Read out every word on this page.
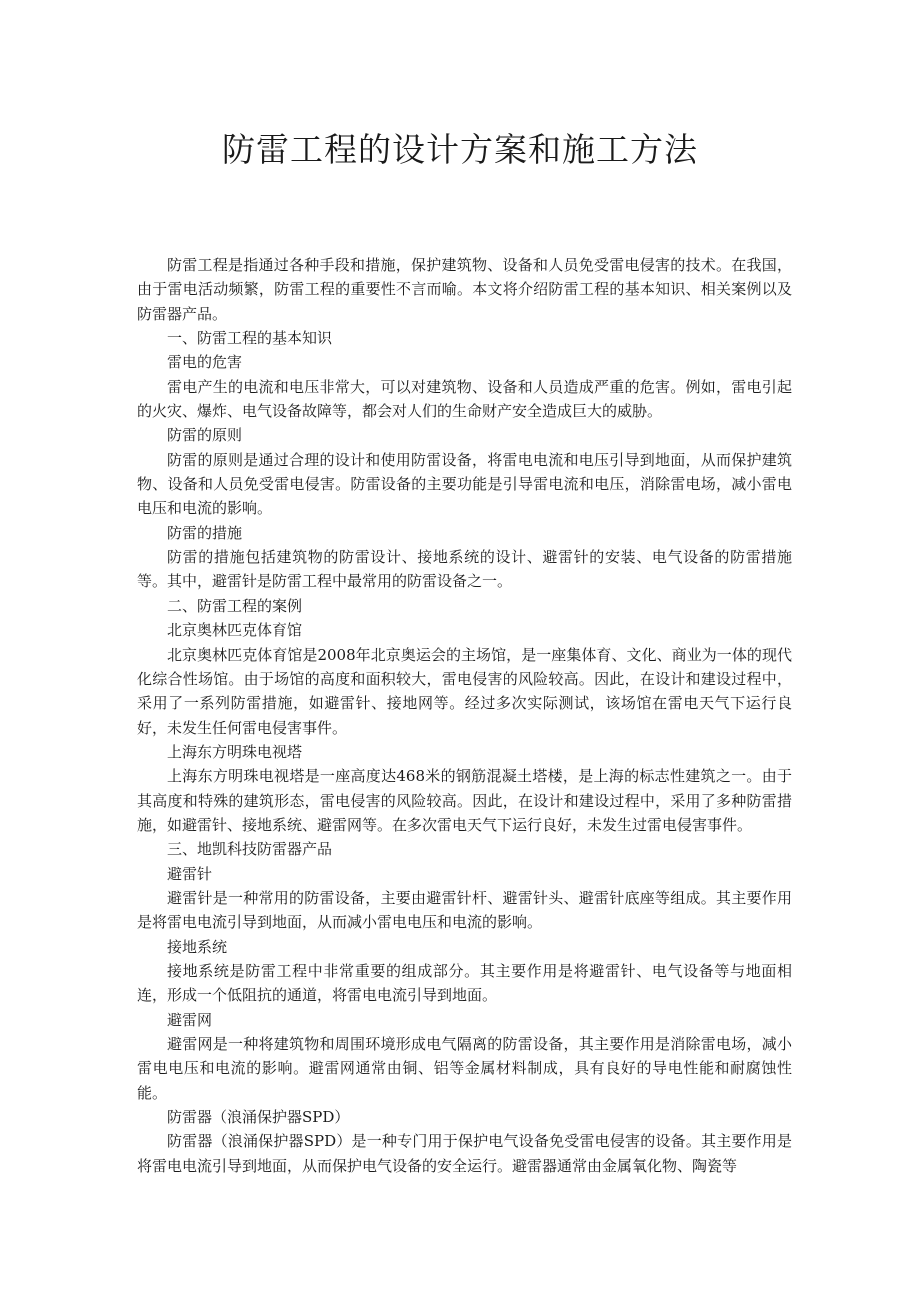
防雷工程的设计方案和施工方法

防雷工程是指通过各种手段和措施，保护建筑物、设备和人员免受雷电侵害的技术。在我国，由于雷电活动频繁，防雷工程的重要性不言而喻。本文将介绍防雷工程的基本知识、相关案例以及防雷器产品。

一、防雷工程的基本知识

雷电的危害

雷电产生的电流和电压非常大，可以对建筑物、设备和人员造成严重的危害。例如，雷电引起的火灾、爆炸、电气设备故障等，都会对人们的生命财产安全造成巨大的威胁。

防雷的原则

防雷的原则是通过合理的设计和使用防雷设备，将雷电电流和电压引导到地面，从而保护建筑物、设备和人员免受雷电侵害。防雷设备的主要功能是引导雷电流和电压，消除雷电场，减小雷电电压和电流的影响。

防雷的措施

防雷的措施包括建筑物的防雷设计、接地系统的设计、避雷针的安装、电气设备的防雷措施等。其中，避雷针是防雷工程中最常用的防雷设备之一。

二、防雷工程的案例

北京奥林匹克体育馆

北京奥林匹克体育馆是2008年北京奥运会的主场馆，是一座集体育、文化、商业为一体的现代化综合性场馆。由于场馆的高度和面积较大，雷电侵害的风险较高。因此，在设计和建设过程中，采用了一系列防雷措施，如避雷针、接地网等。经过多次实际测试，该场馆在雷电天气下运行良好，未发生任何雷电侵害事件。

上海东方明珠电视塔

上海东方明珠电视塔是一座高度达468米的钢筋混凝土塔楼，是上海的标志性建筑之一。由于其高度和特殊的建筑形态，雷电侵害的风险较高。因此，在设计和建设过程中，采用了多种防雷措施，如避雷针、接地系统、避雷网等。在多次雷电天气下运行良好，未发生过雷电侵害事件。

三、地凯科技防雷器产品

避雷针

避雷针是一种常用的防雷设备，主要由避雷针杆、避雷针头、避雷针底座等组成。其主要作用是将雷电电流引导到地面，从而减小雷电电压和电流的影响。

接地系统

接地系统是防雷工程中非常重要的组成部分。其主要作用是将避雷针、电气设备等与地面相连，形成一个低阻抗的通道，将雷电电流引导到地面。

避雷网

避雷网是一种将建筑物和周围环境形成电气隔离的防雷设备，其主要作用是消除雷电场，减小雷电电压和电流的影响。避雷网通常由铜、铝等金属材料制成，具有良好的导电性能和耐腐蚀性能。

防雷器（浪涌保护器SPD）

防雷器（浪涌保护器SPD）是一种专门用于保护电气设备免受雷电侵害的设备。其主要作用是将雷电电流引导到地面，从而保护电气设备的安全运行。避雷器通常由金属氧化物、陶瓷等
